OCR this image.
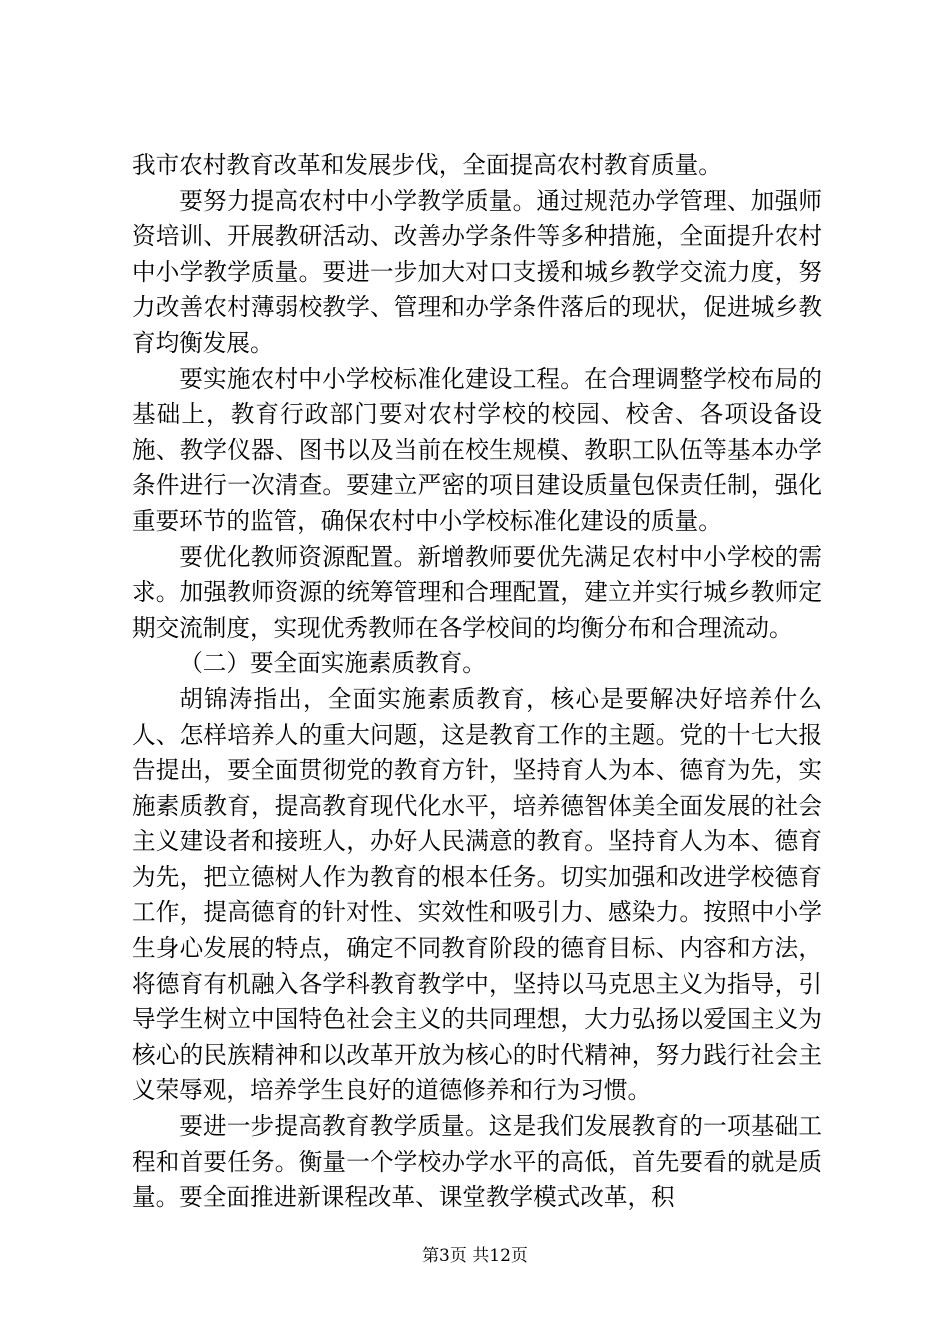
我市农村教育改革和发展步伐，全面提高农村教育质量。

要努力提高农村中小学教学质量。通过规范办学管理、加强师资培训、开展教研活动、改善办学条件等多种措施，全面提升农村中小学教学质量。要进一步加大对口支援和城乡教学交流力度，努力改善农村薄弱校教学、管理和办学条件落后的现状，促进城乡教育均衡发展。

要实施农村中小学校标准化建设工程。在合理调整学校布局的基础上，教育行政部门要对农村学校的校园、校舍、各项设备设施、教学仪器、图书以及当前在校生规模、教职工队伍等基本办学条件进行一次清查。要建立严密的项目建设质量包保责任制，强化重要环节的监管，确保农村中小学校标准化建设的质量。

要优化教师资源配置。新增教师要优先满足农村中小学校的需求。加强教师资源的统筹管理和合理配置，建立并实行城乡教师定期交流制度，实现优秀教师在各学校间的均衡分布和合理流动。

（二）要全面实施素质教育。

胡锦涛指出，全面实施素质教育，核心是要解决好培养什么人、怎样培养人的重大问题，这是教育工作的主题。党的十七大报告提出，要全面贯彻党的教育方针，坚持育人为本、德育为先，实施素质教育，提高教育现代化水平，培养德智体美全面发展的社会主义建设者和接班人，办好人民满意的教育。坚持育人为本、德育为先，把立德树人作为教育的根本任务。切实加强和改进学校德育工作，提高德育的针对性、实效性和吸引力、感染力。按照中小学生身心发展的特点，确定不同教育阶段的德育目标、内容和方法，将德育有机融入各学科教育教学中，坚持以马克思主义为指导，引导学生树立中国特色社会主义的共同理想，大力弘扬以爱国主义为核心的民族精神和以改革开放为核心的时代精神，努力践行社会主义荣辱观，培养学生良好的道德修养和行为习惯。

要进一步提高教育教学质量。这是我们发展教育的一项基础工程和首要任务。衡量一个学校办学水平的高低，首先要看的就是质量。要全面推进新课程改革、课堂教学模式改革，积

第3页 共12页
